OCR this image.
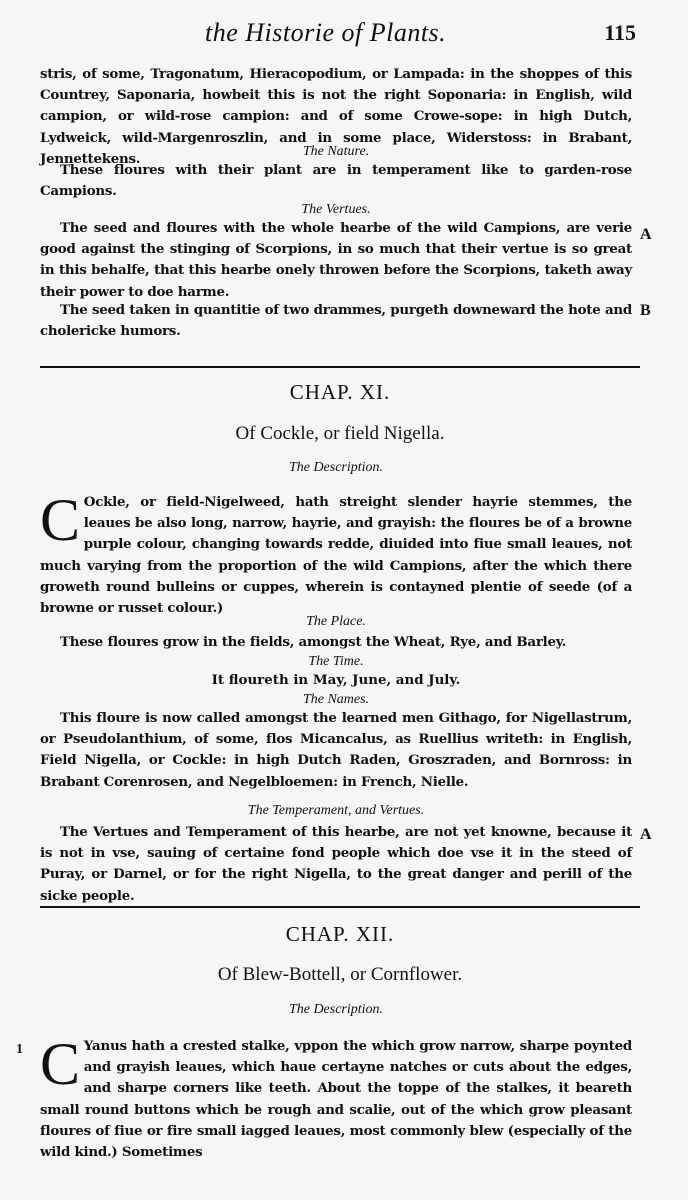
the Historie of Plants.	115
stris, of some, Tragonatum, Hieracopodium, or Lampada: in the shoppes of this Countrey, Saponaria, howbeit this is not the right Soponaria: in English, wild campion, or wild-rose campion: and of some Crowe-sope: in high Dutch, Lydweick, wild-Margenroszlin, and in some place, Widerstoss: in Brabant, Jennettekens.	The Nature.
These floures with their plant are in temperament like to garden-rose Campions.
The Vertues.
The seed and floures with the whole hearbe of the wild Campions, are verie good against the stinging of Scorpions, in so much that their vertue is so great in this behalfe, that this hearbe onely throwen before the Scorpions, taketh away their power to doe harme.
A
The seed taken in quantitie of two drammes, purgeth downeward the hote and cholericke humors.
B
CHAP. XI.
Of Cockle, or field Nigella.
The Description.
C Ockle, or field-Nigelweed, hath streight slender hayrie stemmes, the leaues be also long, narrow, hayrie, and grayish: the floures be of a browne purple colour, changing towards redde, diuided into fiue small leaues, not much varying from the proportion of the wild Campions, after the which there groweth round bulleins or cuppes, wherein is contayned plentie of seede (of a browne or russet colour.)
The Place.
These floures grow in the fields, amongst the Wheat, Rye, and Barley.
The Time.
It floureth in May, June, and July.
The Names.
This floure is now called amongst the learned men Githago, for Nigellastrum, or Pseudolanthium, of some, flos Micancalus, as Ruellius writeth: in English, Field Nigella, or Cockle: in high Dutch Raden, Groszraden, and Bornross: in Brabant Corenrosen, and Negelbloemen: in French, Nielle.
The Temperament, and Vertues.
The Vertues and Temperament of this hearbe, are not yet knowne, because it is not in vse, sauing of certaine fond people which doe vse it in the steed of Puray, or Darnel, or for the right Nigella, to the great danger and perill of the sicke people.
A
CHAP. XII.
Of Blew-Bottell, or Cornflower.
The Description.
1 C Yanus hath a crested stalke, vppon the which grow narrow, sharpe poynted and grayish leaues, which haue certayne natches or cuts about the edges, and sharpe corners like teeth. About the toppe of the stalkes, it beareth small round buttons which be rough and scalie, out of the which grow pleasant floures of fiue or fire small iagged leaues, most commonly blew (especially of the wild kind.) Sometimes
